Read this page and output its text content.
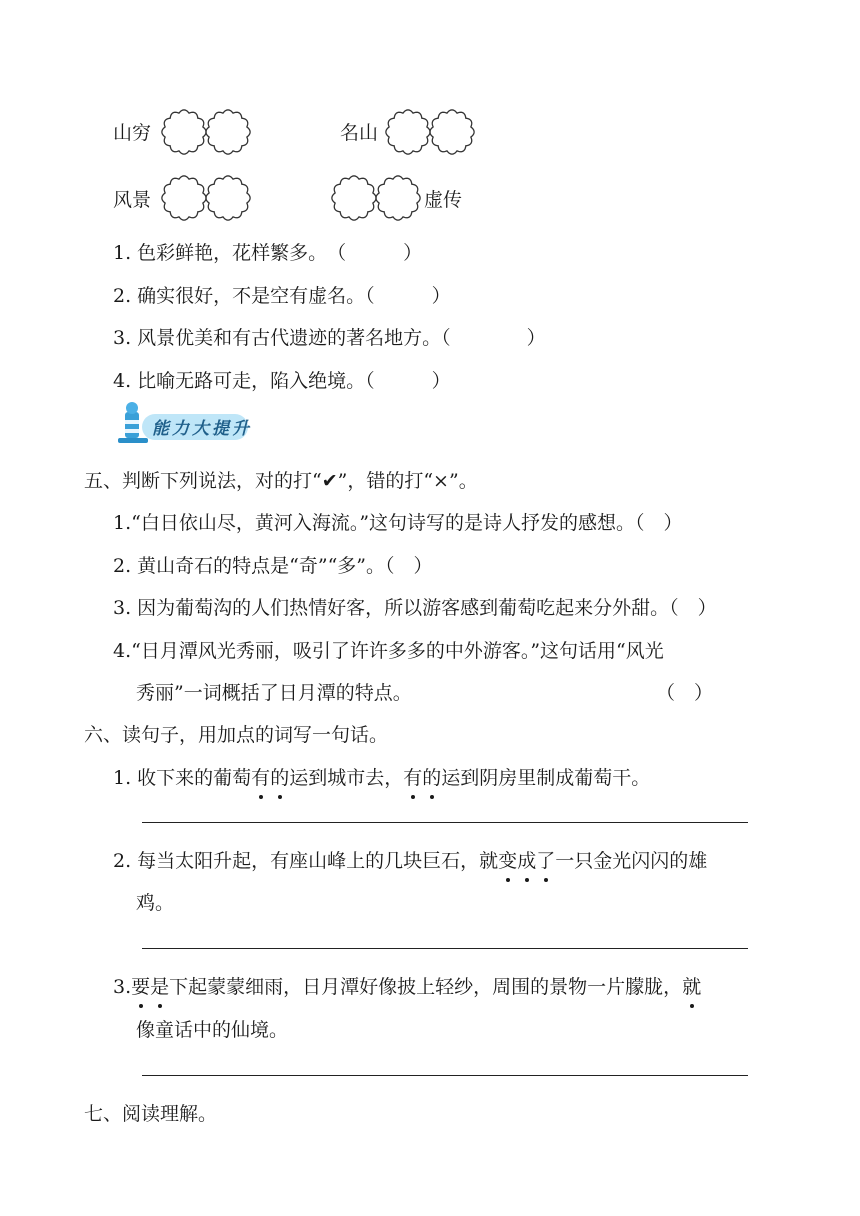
山穷	名山
风景	虚传
1. 色彩鲜艳，花样繁多。　（　　　）
2. 确实很好，不是空有虚名。（　　　）
3. 风景优美和有古代遗迹的著名地方。（　　　　）
4. 比喻无路可走，陷入绝境。（　　　）
能力大提升
五、判断下列说法，对的打“✔”，错的打“×”。
1.“白日依山尽，黄河入海流。”这句诗写的是诗人抒发的感想。（　）
2. 黄山奇石的特点是“奇”“多”。（　）
3. 因为葡萄沟的人们热情好客，所以游客感到葡萄吃起来分外甜。（　）
4.“日月潭风光秀丽，吸引了许许多多的中外游客。”这句话用“风光
秀丽”一词概括了日月潭的特点。	（　）
六、读句子，用加点的词写一句话。
1. 收下来的葡萄有的运到城市去，有的运到阴房里制成葡萄干。
2. 每当太阳升起，有座山峰上的几块巨石，就变成了一只金光闪闪的雄
鸡。
3.要是下起蒙蒙细雨，日月潭好像披上轻纱，周围的景物一片朦胧，就
像童话中的仙境。
七、阅读理解。
